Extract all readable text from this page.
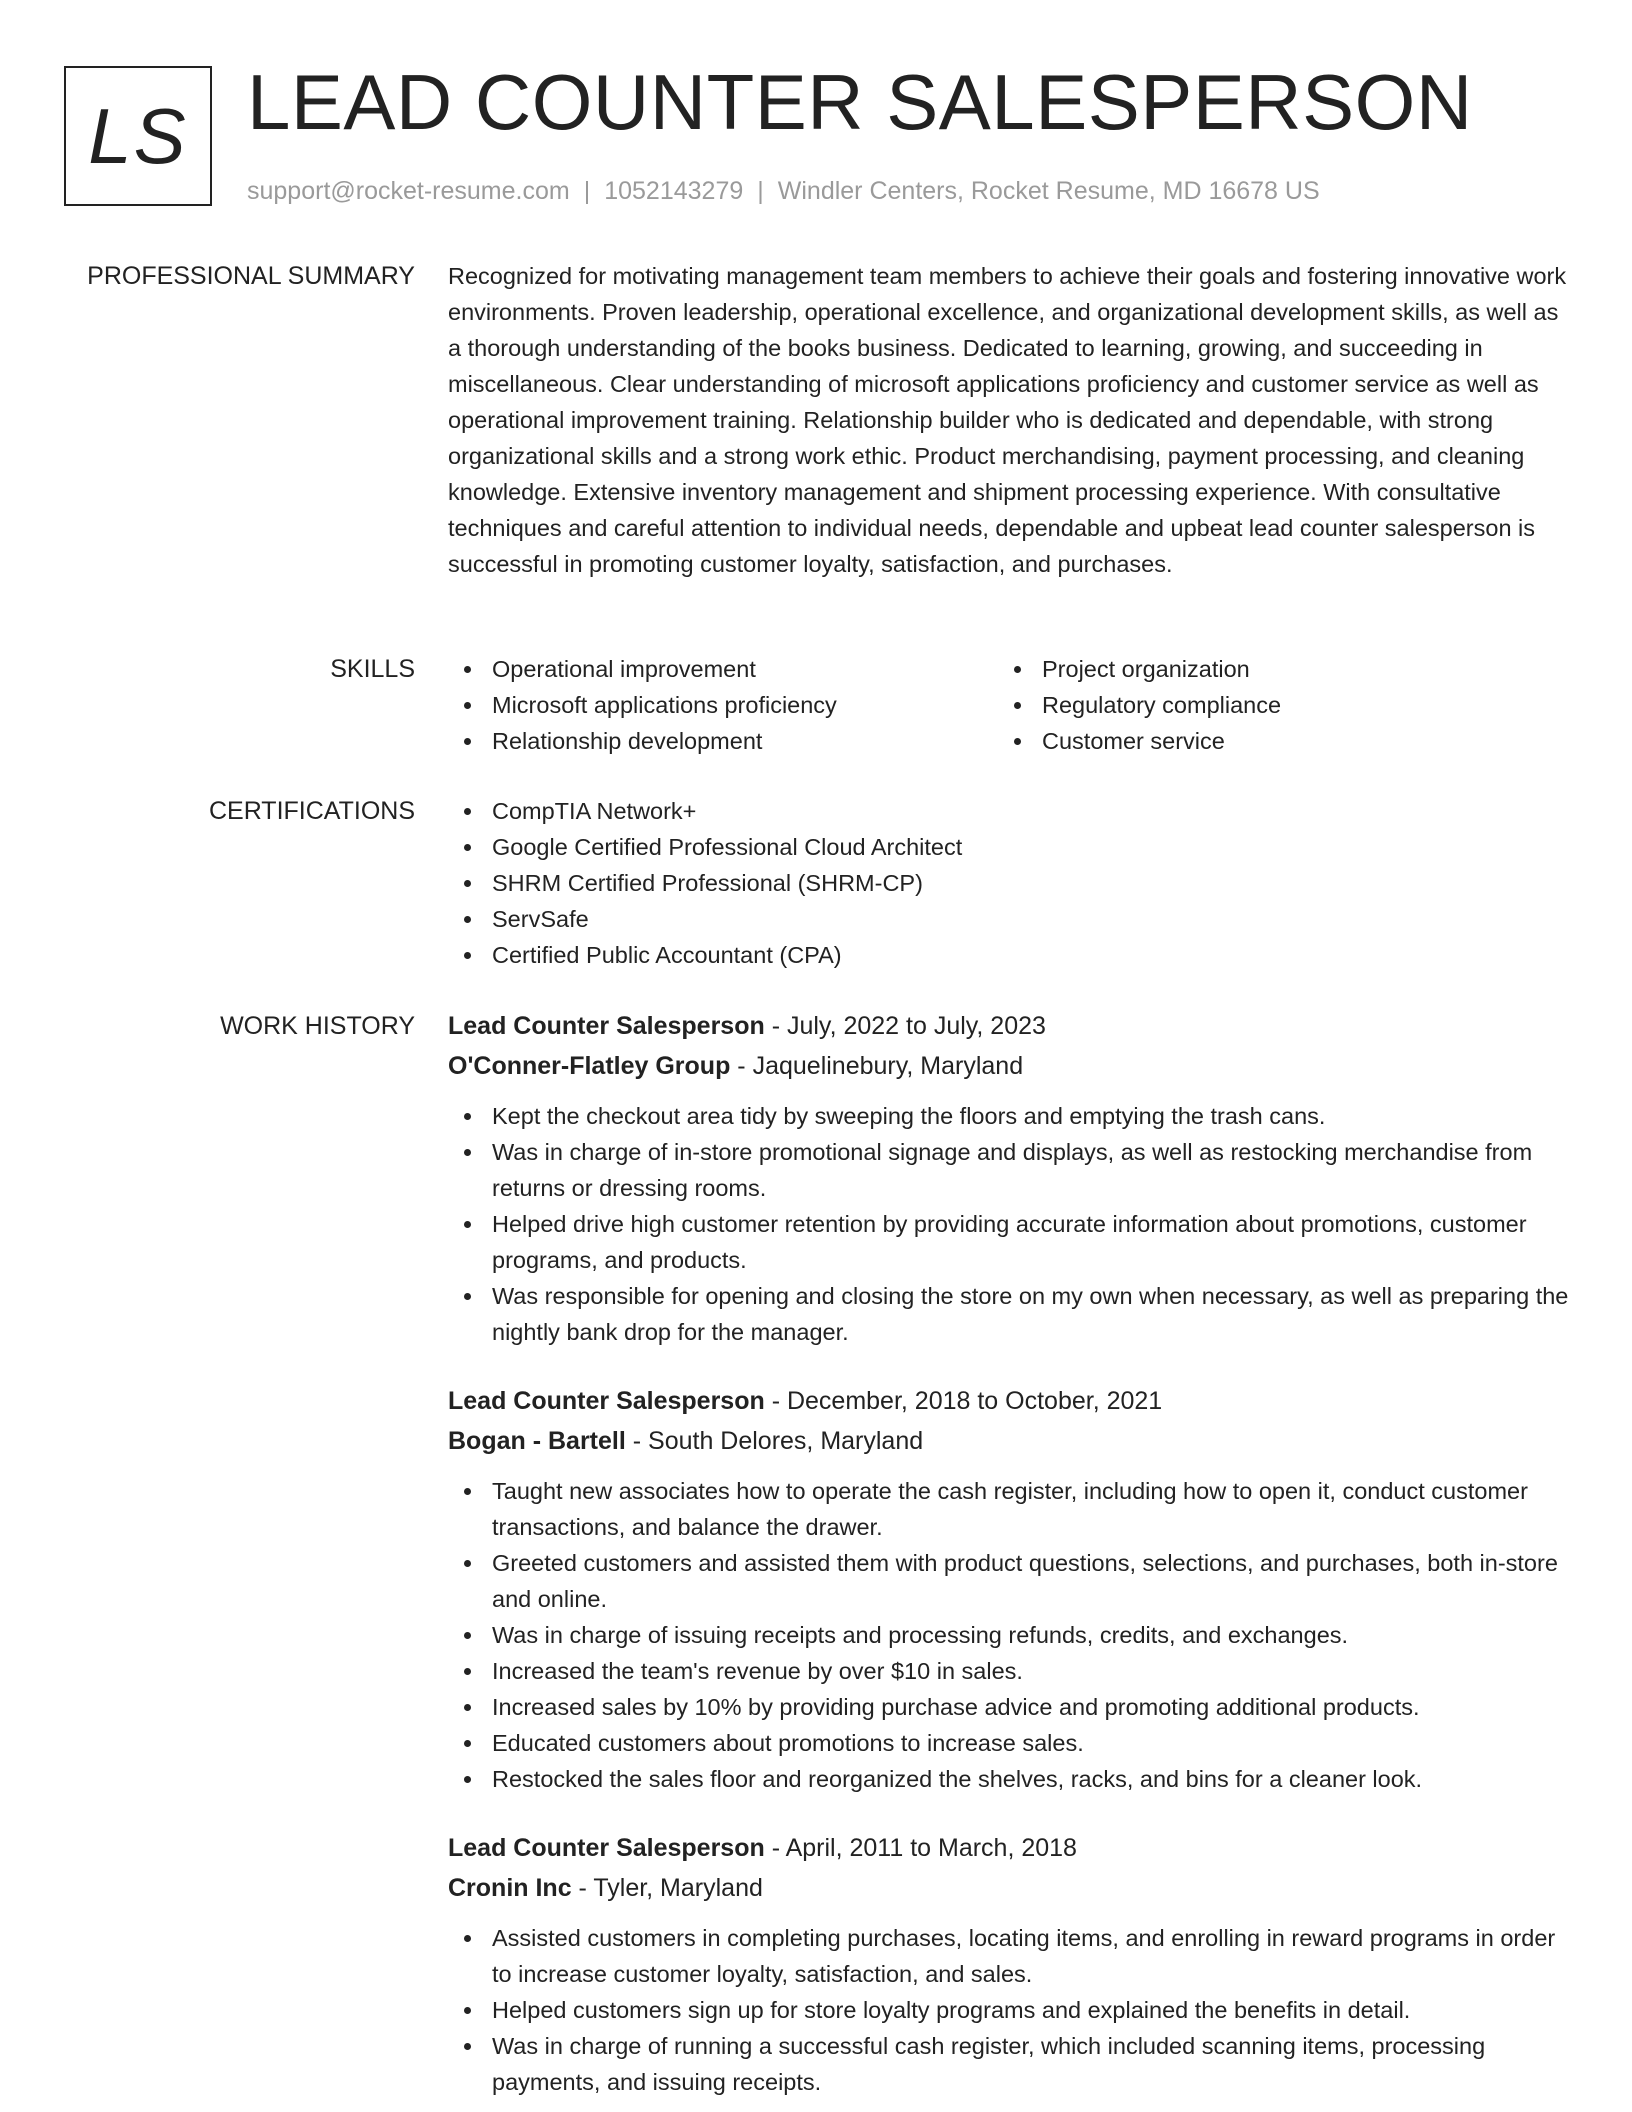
LS LEAD COUNTER SALESPERSON
support@rocket-resume.com | 1052143279 | Windler Centers, Rocket Resume, MD 16678 US
PROFESSIONAL SUMMARY Recognized for motivating management team members to achieve their goals and fostering innovative work environments. Proven leadership, operational excellence, and organizational development skills, as well as a thorough understanding of the books business. Dedicated to learning, growing, and succeeding in miscellaneous. Clear understanding of microsoft applications proficiency and customer service as well as operational improvement training. Relationship builder who is dedicated and dependable, with strong organizational skills and a strong work ethic. Product merchandising, payment processing, and cleaning knowledge. Extensive inventory management and shipment processing experience. With consultative techniques and careful attention to individual needs, dependable and upbeat lead counter salesperson is successful in promoting customer loyalty, satisfaction, and purchases.

SKILLS	Operational improvement
Microsoft applications proficiency
Relationship development
Project organization
Regulatory compliance
Customer service
CERTIFICATIONS	CompTIA Network+
Google Certified Professional Cloud Architect
SHRM Certified Professional (SHRM-CP)
ServSafe
Certified Public Accountant (CPA)
WORK HISTORY Lead Counter Salesperson - July, 2022 to July, 2023
O'Conner-Flatley Group - Jaquelinebury, Maryland
Kept the checkout area tidy by sweeping the floors and emptying the trash cans.
Was in charge of in-store promotional signage and displays, as well as restocking merchandise from returns or dressing rooms.
Helped drive high customer retention by providing accurate information about promotions, customer programs, and products.
Was responsible for opening and closing the store on my own when necessary, as well as preparing the nightly bank drop for the manager.
Lead Counter Salesperson - December, 2018 to October, 2021
Bogan - Bartell - South Delores, Maryland
Taught new associates how to operate the cash register, including how to open it, conduct customer transactions, and balance the drawer.
Greeted customers and assisted them with product questions, selections, and purchases, both in-store and online.
Was in charge of issuing receipts and processing refunds, credits, and exchanges.
Increased the team's revenue by over $10 in sales.
Increased sales by 10% by providing purchase advice and promoting additional products.
Educated customers about promotions to increase sales.
Restocked the sales floor and reorganized the shelves, racks, and bins for a cleaner look.
Lead Counter Salesperson - April, 2011 to March, 2018
Cronin Inc - Tyler, Maryland
Assisted customers in completing purchases, locating items, and enrolling in reward programs in order to increase customer loyalty, satisfaction, and sales.
Helped customers sign up for store loyalty programs and explained the benefits in detail.
Was in charge of running a successful cash register, which included scanning items, processing payments, and issuing receipts.
